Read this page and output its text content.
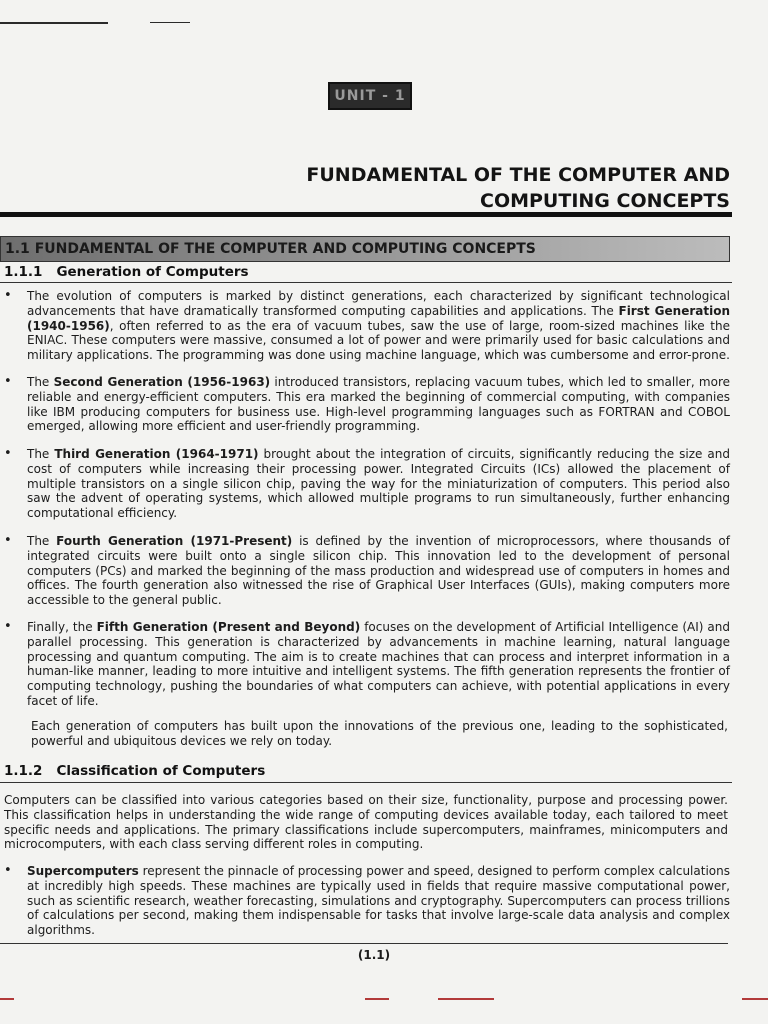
UNIT - 1
FUNDAMENTAL OF THE COMPUTER AND
COMPUTING CONCEPTS
1.1
FUNDAMENTAL OF THE COMPUTER AND COMPUTING CONCEPTS
1.1.1 Generation of Computers
• The evolution of computers is marked by distinct generations, each characterized by significant technological advancements that have dramatically transformed computing capabilities and applications. The First Generation (1940-1956), often referred to as the era of vacuum tubes, saw the use of large, room-sized machines like the ENIAC. These computers were massive, consumed a lot of power and were primarily used for basic calculations and military applications. The programming was done using machine language, which was cumbersome and error-prone.
• The Second Generation (1956-1963) introduced transistors, replacing vacuum tubes, which led to smaller, more reliable and energy-efficient computers. This era marked the beginning of commercial computing, with companies like IBM producing computers for business use. High-level programming languages such as FORTRAN and COBOL emerged, allowing more efficient and user-friendly programming.
• The Third Generation (1964-1971) brought about the integration of circuits, significantly reducing the size and cost of computers while increasing their processing power. Integrated Circuits (ICs) allowed the placement of multiple transistors on a single silicon chip, paving the way for the miniaturization of computers. This period also saw the advent of operating systems, which allowed multiple programs to run simultaneously, further enhancing computational efficiency.
• The Fourth Generation (1971-Present) is defined by the invention of microprocessors, where thousands of integrated circuits were built onto a single silicon chip. This innovation led to the development of personal computers (PCs) and marked the beginning of the mass production and widespread use of computers in homes and offices. The fourth generation also witnessed the rise of Graphical User Interfaces (GUIs), making computers more accessible to the general public.
• Finally, the Fifth Generation (Present and Beyond) focuses on the development of Artificial Intelligence (AI) and parallel processing. This generation is characterized by advancements in machine learning, natural language processing and quantum computing. The aim is to create machines that can process and interpret information in a human-like manner, leading to more intuitive and intelligent systems. The fifth generation represents the frontier of computing technology, pushing the boundaries of what computers can achieve, with potential applications in every facet of life.
Each generation of computers has built upon the innovations of the previous one, leading to the sophisticated, powerful and ubiquitous devices we rely on today.
1.1.2 Classification of Computers
Computers can be classified into various categories based on their size, functionality, purpose and processing power. This classification helps in understanding the wide range of computing devices available today, each tailored to meet specific needs and applications. The primary classifications include supercomputers, mainframes, minicomputers and microcomputers, with each class serving different roles in computing.
• Supercomputers represent the pinnacle of processing power and speed, designed to perform complex calculations at incredibly high speeds. These machines are typically used in fields that require massive computational power, such as scientific research, weather forecasting, simulations and cryptography. Supercomputers can process trillions of calculations per second, making them indispensable for tasks that involve large-scale data analysis and complex algorithms.
(1.1)
